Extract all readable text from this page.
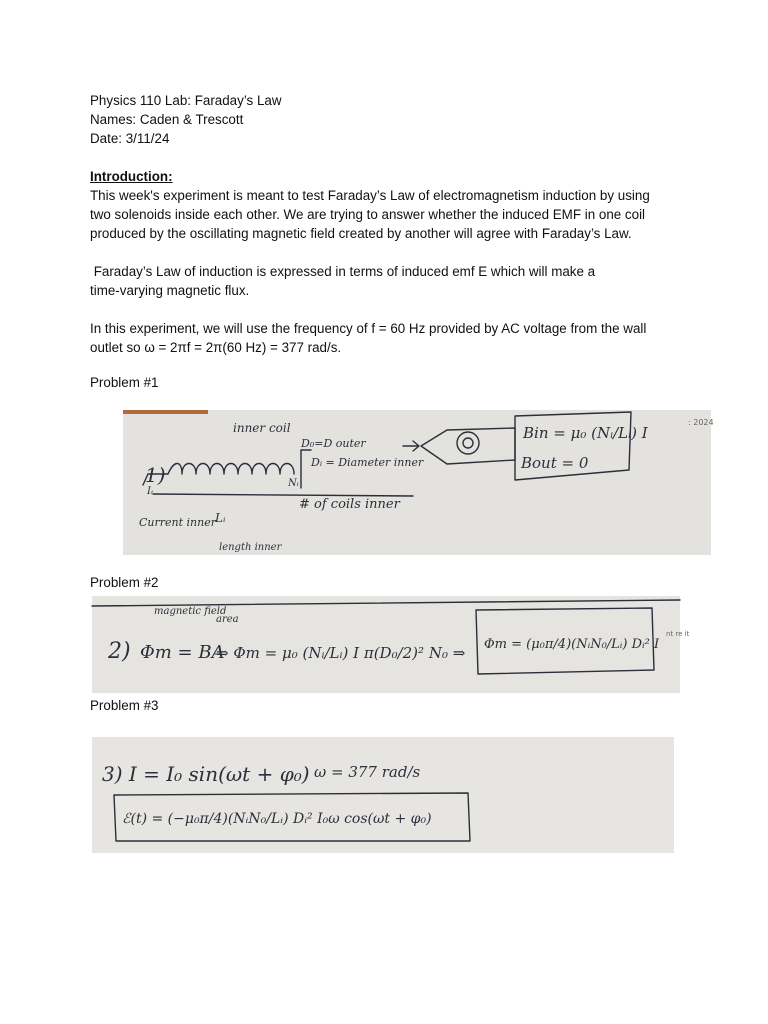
Physics 110 Lab: Faraday’s Law

Names: Caden & Trescott

Date: 3/11/24

Introduction:

This week's experiment is meant to test Faraday’s Law of electromagnetism induction by using

two solenoids inside each other. We are trying to answer whether the induced EMF in one coil

produced by the oscillating magnetic field created by another will agree with Faraday’s Law.

Faraday’s Law of induction is expressed in terms of induced emf E which will make a

time-varying magnetic flux.

In this experiment, we will use the frequency of f = 60 Hz provided by AC voltage from the wall

outlet so ω = 2πf = 2π(60 Hz) = 377 rad/s.

Problem #1
: 2024
1)
inner coil
D₀=D outer
Dᵢ = Diameter inner
Nᵢ
# of coils inner
Iᵢ
Current inner Lᵢ
length inner
Bin = μ₀ (Nᵢ/Lᵢ) I
Bout = 0
Problem #2
nt re it
2)
magnetic field
area
Φm = BA
⇒ Φm = μ₀ (Nᵢ/Lᵢ) I π(D₀/2)² N₀ ⇒ Φm = (μ₀π/4)(NᵢN₀/Lᵢ) Dᵢ² I
Problem #3
3) I = I₀ sin(ωt + φ₀) ω = 377 rad/s
ℰ(t) = (−μ₀π/4)(NᵢN₀/Lᵢ) Dᵢ² I₀ω cos(ωt + φ₀)
